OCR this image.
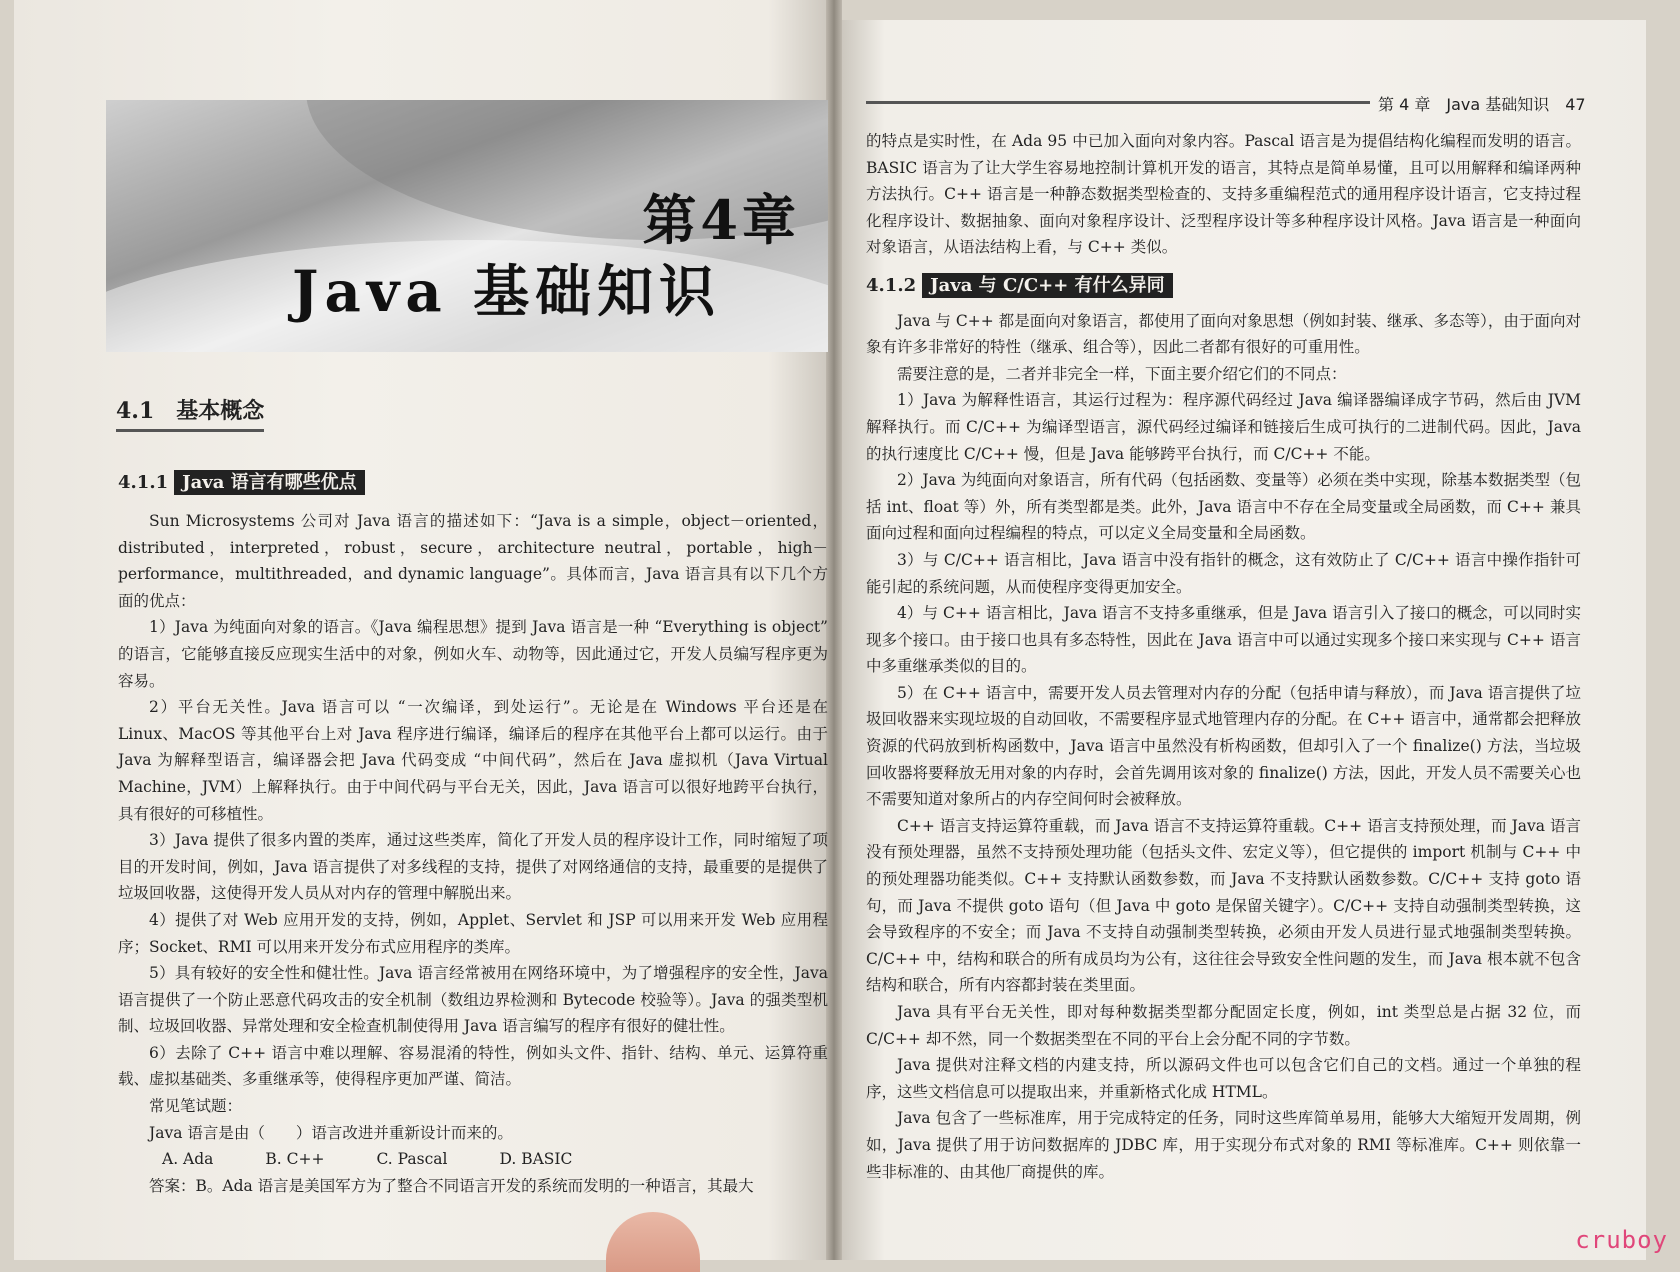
第4章
Java 基础知识
4.1　基本概念
4.1.1 Java 语言有哪些优点

Sun Microsystems 公司对 Java 语言的描述如下：“Java is a simple，object－oriented，distributed，interpreted，robust，secure，architecture neutral，portable，high－performance，multithreaded，and dynamic language”。具体而言，Java 语言具有以下几个方面的优点：

1）Java 为纯面向对象的语言。《Java 编程思想》提到 Java 语言是一种 “Everything is object” 的语言，它能够直接反应现实生活中的对象，例如火车、动物等，因此通过它，开发人员编写程序更为容易。

2）平台无关性。Java 语言可以 “一次编译，到处运行”。无论是在 Windows 平台还是在 Linux、MacOS 等其他平台上对 Java 程序进行编译，编译后的程序在其他平台上都可以运行。由于 Java 为解释型语言，编译器会把 Java 代码变成 “中间代码”，然后在 Java 虚拟机（Java Virtual Machine，JVM）上解释执行。由于中间代码与平台无关，因此，Java 语言可以很好地跨平台执行，具有很好的可移植性。

3）Java 提供了很多内置的类库，通过这些类库，简化了开发人员的程序设计工作，同时缩短了项目的开发时间，例如，Java 语言提供了对多线程的支持，提供了对网络通信的支持，最重要的是提供了垃圾回收器，这使得开发人员从对内存的管理中解脱出来。

4）提供了对 Web 应用开发的支持，例如，Applet、Servlet 和 JSP 可以用来开发 Web 应用程序；Socket、RMI 可以用来开发分布式应用程序的类库。

5）具有较好的安全性和健壮性。Java 语言经常被用在网络环境中，为了增强程序的安全性，Java 语言提供了一个防止恶意代码攻击的安全机制（数组边界检测和 Bytecode 校验等）。Java 的强类型机制、垃圾回收器、异常处理和安全检查机制使得用 Java 语言编写的程序有很好的健壮性。

6）去除了 C++ 语言中难以理解、容易混淆的特性，例如头文件、指针、结构、单元、运算符重载、虚拟基础类、多重继承等，使得程序更加严谨、简洁。

常见笔试题：

Java 语言是由（　　）语言改进并重新设计而来的。

A. Ada	B. C++	C. Pascal	D. BASIC

答案：B。Ada 语言是美国军方为了整合不同语言开发的系统而发明的一种语言，其最大

第 4 章　Java 基础知识　47

的特点是实时性，在 Ada 95 中已加入面向对象内容。Pascal 语言是为提倡结构化编程而发明的语言。BASIC 语言为了让大学生容易地控制计算机开发的语言，其特点是简单易懂，且可以用解释和编译两种方法执行。C++ 语言是一种静态数据类型检查的、支持多重编程范式的通用程序设计语言，它支持过程化程序设计、数据抽象、面向对象程序设计、泛型程序设计等多种程序设计风格。Java 语言是一种面向对象语言，从语法结构上看，与 C++ 类似。

4.1.2 Java 与 C/C++ 有什么异同

Java 与 C++ 都是面向对象语言，都使用了面向对象思想（例如封装、继承、多态等），由于面向对象有许多非常好的特性（继承、组合等），因此二者都有很好的可重用性。

需要注意的是，二者并非完全一样，下面主要介绍它们的不同点：

1）Java 为解释性语言，其运行过程为：程序源代码经过 Java 编译器编译成字节码，然后由 JVM 解释执行。而 C/C++ 为编译型语言，源代码经过编译和链接后生成可执行的二进制代码。因此，Java 的执行速度比 C/C++ 慢，但是 Java 能够跨平台执行，而 C/C++ 不能。

2）Java 为纯面向对象语言，所有代码（包括函数、变量等）必须在类中实现，除基本数据类型（包括 int、float 等）外，所有类型都是类。此外，Java 语言中不存在全局变量或全局函数，而 C++ 兼具面向过程和面向过程编程的特点，可以定义全局变量和全局函数。

3）与 C/C++ 语言相比，Java 语言中没有指针的概念，这有效防止了 C/C++ 语言中操作指针可能引起的系统问题，从而使程序变得更加安全。

4）与 C++ 语言相比，Java 语言不支持多重继承，但是 Java 语言引入了接口的概念，可以同时实现多个接口。由于接口也具有多态特性，因此在 Java 语言中可以通过实现多个接口来实现与 C++ 语言中多重继承类似的目的。

5）在 C++ 语言中，需要开发人员去管理对内存的分配（包括申请与释放），而 Java 语言提供了垃圾回收器来实现垃圾的自动回收，不需要程序显式地管理内存的分配。在 C++ 语言中，通常都会把释放资源的代码放到析构函数中，Java 语言中虽然没有析构函数，但却引入了一个 finalize() 方法，当垃圾回收器将要释放无用对象的内存时，会首先调用该对象的 finalize() 方法，因此，开发人员不需要关心也不需要知道对象所占的内存空间何时会被释放。

C++ 语言支持运算符重载，而 Java 语言不支持运算符重载。C++ 语言支持预处理，而 Java 语言没有预处理器，虽然不支持预处理功能（包括头文件、宏定义等），但它提供的 import 机制与 C++ 中的预处理器功能类似。C++ 支持默认函数参数，而 Java 不支持默认函数参数。C/C++ 支持 goto 语句，而 Java 不提供 goto 语句（但 Java 中 goto 是保留关键字）。C/C++ 支持自动强制类型转换，这会导致程序的不安全；而 Java 不支持自动强制类型转换，必须由开发人员进行显式地强制类型转换。C/C++ 中，结构和联合的所有成员均为公有，这往往会导致安全性问题的发生，而 Java 根本就不包含结构和联合，所有内容都封装在类里面。

Java 具有平台无关性，即对每种数据类型都分配固定长度，例如，int 类型总是占据 32 位，而 C/C++ 却不然，同一个数据类型在不同的平台上会分配不同的字节数。

Java 提供对注释文档的内建支持，所以源码文件也可以包含它们自己的文档。通过一个单独的程序，这些文档信息可以提取出来，并重新格式化成 HTML。

Java 包含了一些标准库，用于完成特定的任务，同时这些库简单易用，能够大大缩短开发周期，例如，Java 提供了用于访问数据库的 JDBC 库，用于实现分布式对象的 RMI 等标准库。C++ 则依靠一些非标准的、由其他厂商提供的库。

cruboy
